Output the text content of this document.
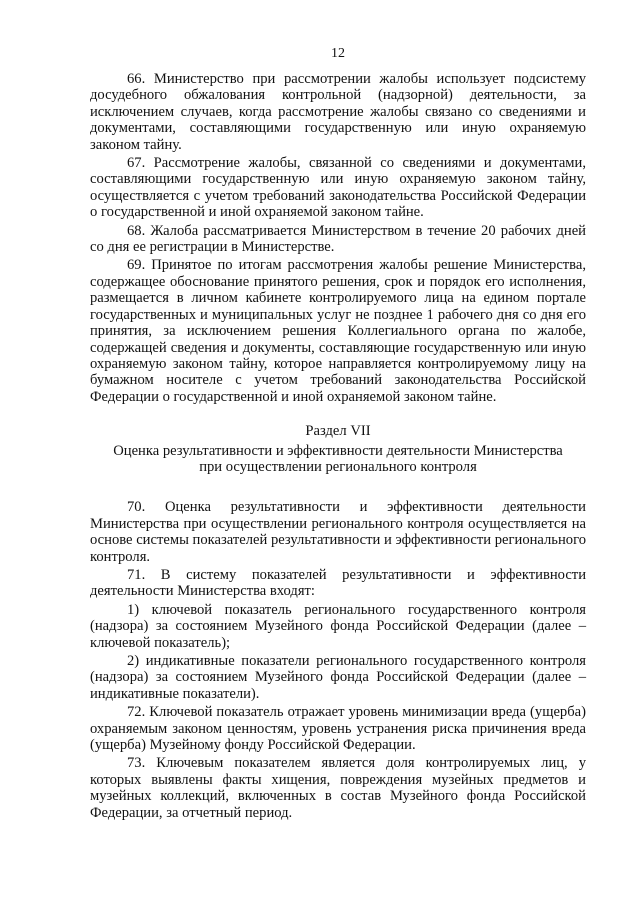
12

66. Министерство при рассмотрении жалобы использует подсистему досудебного обжалования контрольной (надзорной) деятельности, за исключением случаев, когда рассмотрение жалобы связано со сведениями и документами, составляющими государственную или иную охраняемую законом тайну.

67. Рассмотрение жалобы, связанной со сведениями и документами, составляющими государственную или иную охраняемую законом тайну, осуществляется с учетом требований законодательства Российской Федерации о государственной и иной охраняемой законом тайне.

68. Жалоба рассматривается Министерством в течение 20 рабочих дней со дня ее регистрации в Министерстве.

69. Принятое по итогам рассмотрения жалобы решение Министерства, содержащее обоснование принятого решения, срок и порядок его исполнения, размещается в личном кабинете контролируемого лица на едином портале государственных и муниципальных услуг не позднее 1 рабочего дня со дня его принятия, за исключением решения Коллегиального органа по жалобе, содержащей сведения и документы, составляющие государственную или иную охраняемую законом тайну, которое направляется контролируемому лицу на бумажном носителе с учетом требований законодательства Российской Федерации о государственной и иной охраняемой законом тайне.

Раздел VII

Оценка результативности и эффективности деятельности Министерства
при осуществлении регионального контроля

70. Оценка результативности и эффективности деятельности Министерства при осуществлении регионального контроля осуществляется на основе системы показателей результативности и эффективности регионального контроля.

71. В систему показателей результативности и эффективности деятельности Министерства входят:

1) ключевой показатель регионального государственного контроля (надзора) за состоянием Музейного фонда Российской Федерации (далее – ключевой показатель);

2) индикативные показатели регионального государственного контроля (надзора) за состоянием Музейного фонда Российской Федерации (далее – индикативные показатели).

72. Ключевой показатель отражает уровень минимизации вреда (ущерба) охраняемым законом ценностям, уровень устранения риска причинения вреда (ущерба) Музейному фонду Российской Федерации.

73. Ключевым показателем является доля контролируемых лиц, у которых выявлены факты хищения, повреждения музейных предметов и музейных коллекций, включенных в состав Музейного фонда Российской Федерации, за отчетный период.
